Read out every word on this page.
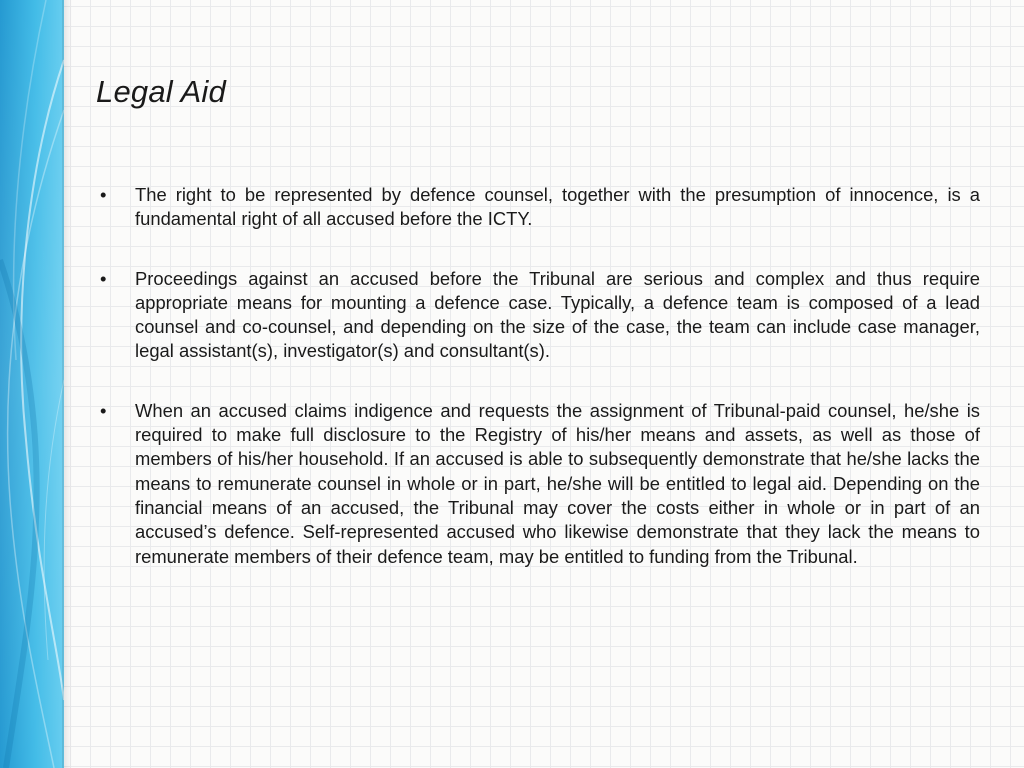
Legal Aid
• The right to be represented by defence counsel, together with the presumption of innocence, is a fundamental right of all accused before the ICTY.
• Proceedings against an accused before the Tribunal are serious and complex and thus require appropriate means for mounting a defence case. Typically, a defence team is composed of a lead counsel and co-counsel, and depending on the size of the case, the team can include case manager, legal assistant(s), investigator(s) and consultant(s).
• When an accused claims indigence and requests the assignment of Tribunal-paid counsel, he/she is required to make full disclosure to the Registry of his/her means and assets, as well as those of members of his/her household. If an accused is able to subsequently demonstrate that he/she lacks the means to remunerate counsel in whole or in part, he/she will be entitled to legal aid. Depending on the financial means of an accused, the Tribunal may cover the costs either in whole or in part of an accused’s defence. Self-represented accused who likewise demonstrate that they lack the means to remunerate members of their defence team, may be entitled to funding from the Tribunal.
